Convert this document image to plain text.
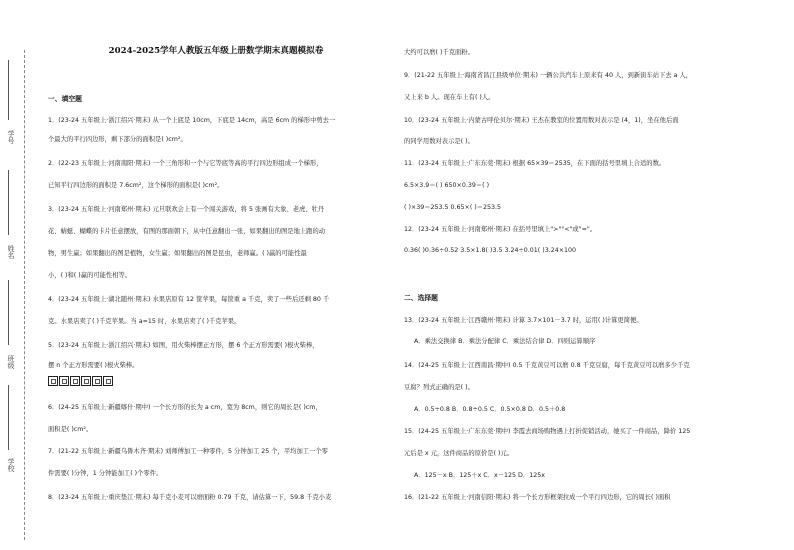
学号
姓名
班级
学校
2024-2025学年人教版五年级上册数学期末真题模拟卷
一、填空题
1．(23-24 五年级上·浙江绍兴·期末) 从一个上底是 10cm，下底是 14cm，高是 6cm 的梯形中剪去一
个最大的平行四边形，剩下部分的面积是( )cm²。
2．(22-23 五年级上·河南南阳·期末) 一个三角形和一个与它等底等高的平行四边形组成一个梯形，
已知平行四边形的面积是 7.6cm²，这个梯形的面积是( )cm²。
3．(23-24 五年级上·河南郑州·期末) 元旦联欢会上有一个闯关游戏，将 5 张画有大象、老虎、牡丹
花、蜻蜓、蝴蝶的卡片任意摆放，有图的那面朝下，从中任意翻出一张，如果翻出的图是地上跑的动
物，男生赢；如果翻出的图是植物，女生赢；如果翻出的图是昆虫，老师赢。( )赢的可能性最
小，( )和( )赢的可能性相等。
4．(23-24 五年级上·湖北随州·期末) 水果店原有 12 筐苹果，每筐重 a 千克，卖了一些后还剩 80 千
克。水果店卖了( )千克苹果。当 a=15 时，水果店卖了( )千克苹果。
5．(23-24 五年级上·浙江绍兴·期末) 如图，用火柴棒摆正方形，摆 6 个正方形需要( )根火柴棒，
摆 n 个正方形需要( )根火柴棒。
6．(24-25 五年级上·新疆喀什·期中) 一个长方形的长为 a cm，宽为 8cm，则它的周长是( )cm，
面积是( )cm²。
7．(21-22 五年级上·新疆乌鲁木齐·期末) 刘师傅加工一种零件，5 分钟加工 25 个，平均加工一个零
件需要( )分钟，1 分钟能加工( )个零件。
8．(23-24 五年级上·重庆垫江·期末) 每千克小麦可以磨面粉 0.79 千克，请估算一下，59.8 千克小麦
大约可以磨( )千克面粉。
9．(21-22 五年级上·海南省昌江县级单位·期末) 一辆公共汽车上原来有 40 人，到新街车站下去 a 人，
又上来 b 人。现在车上有( )人。
10．(23-24 五年级上·内蒙古呼伦贝尔·期末) 王杰在教室的位置用数对表示是 (4，1)，坐在他后面
的同学用数对表示是( )。
11．(23-24 五年级上·广东东莞·期末) 根据 65×39＝2535，在下面的括号里填上合适的数。
6.5×3.9＝( ) 650×0.39＝( )
( )×39＝253.5 0.65×( )＝253.5
12．(23-24 五年级上·河南郑州·期末) 在括号里填上">""<"或"="。
0.36( )0.36÷0.52 3.5×1.8( )3.5 3.24÷0.01( )3.24×100
二、选择题
13．(23-24 五年级上·江西赣州·期末) 计算 3.7×101－3.7 时，运用( )计算更简便。
A．乘法交换律 B．乘法分配律 C．乘法结合律 D．四则运算顺序
14．(24-25 五年级上·江西南昌·期中) 0.5 千克黄豆可以磨 0.8 千克豆腐，每千克黄豆可以磨多少千克
豆腐？列式正确的是( )。
A．0.5÷0.8 B．0.8÷0.5 C．0.5×0.8 D．0.5＋0.8
15．(24-25 五年级上·广东东莞·期中) 李霞去商场购物遇上打折促销活动，她买了一件商品，降价 125
元后是 x 元，这件商品的原价是( )元。
A．125－x B．125＋x C．x－125 D．125x
16．(21-22 五年级上·河南信阳·期末) 将一个长方形框架拉成一个平行四边形，它的周长( )面积
